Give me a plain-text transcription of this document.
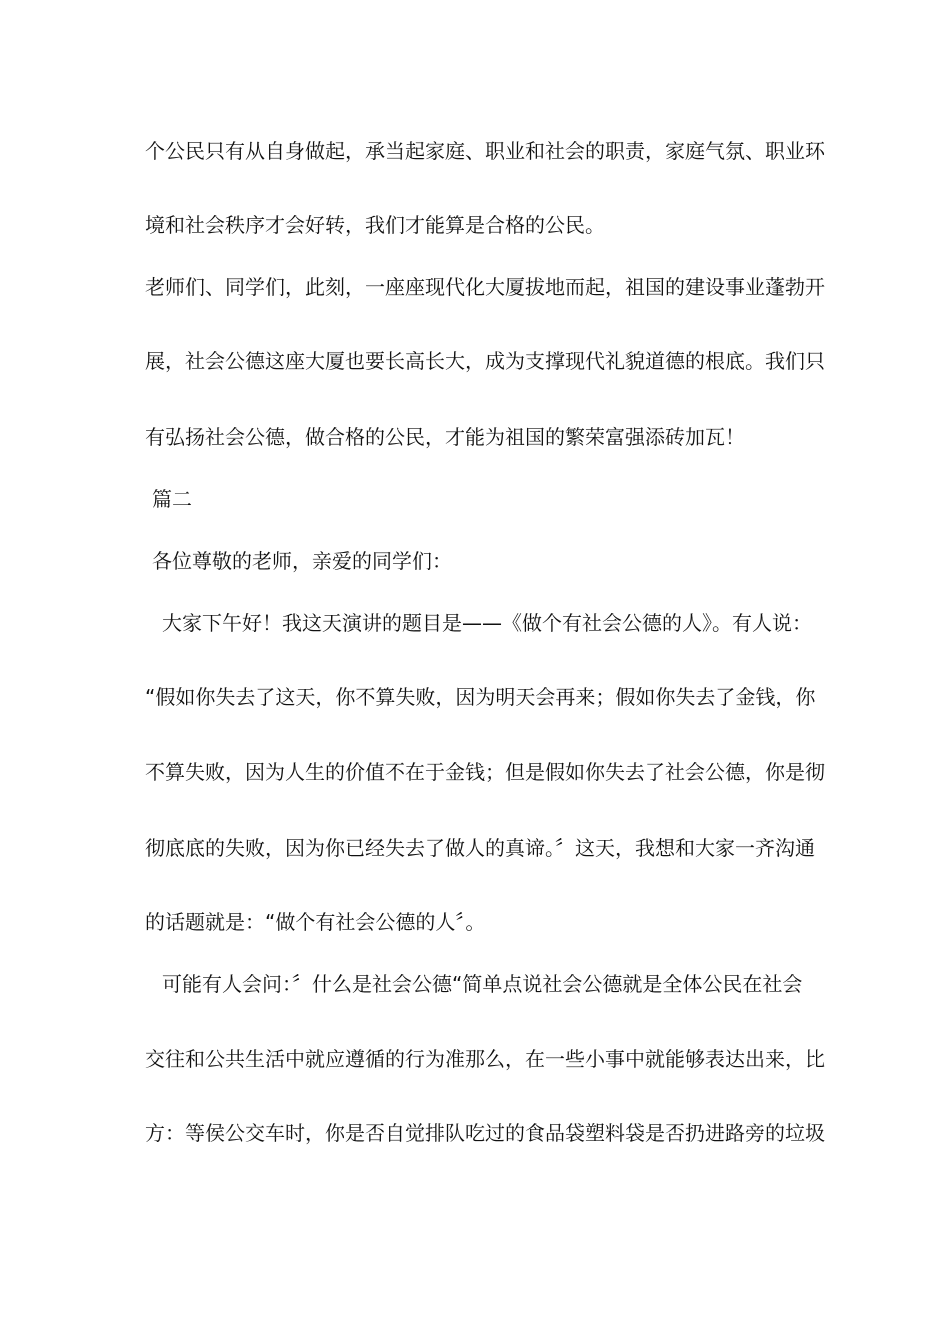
个公民只有从自身做起，承当起家庭、职业和社会的职责，家庭气氛、职业环
境和社会秩序才会好转，我们才能算是合格的公民。
老师们、同学们，此刻，一座座现代化大厦拔地而起，祖国的建设事业蓬勃开
展，社会公德这座大厦也要长高长大，成为支撑现代礼貌道德的根底。我们只
有弘扬社会公德，做合格的公民，才能为祖国的繁荣富强添砖加瓦！
篇二
各位尊敬的老师，亲爱的同学们：
大家下午好！我这天演讲的题目是——《做个有社会公德的人》。有人说：
“假如你失去了这天，你不算失败，因为明天会再来；假如你失去了金钱，你
不算失败，因为人生的价值不在于金钱；但是假如你失去了社会公德，你是彻
彻底底的失败，因为你已经失去了做人的真谛。〞这天，我想和大家一齐沟通
的话题就是：“做个有社会公德的人〞。
可能有人会问：〞什么是社会公德“简单点说社会公德就是全体公民在社会
交往和公共生活中就应遵循的行为准那么，在一些小事中就能够表达出来，比
方：等侯公交车时，你是否自觉排队吃过的食品袋塑料袋是否扔进路旁的垃圾
